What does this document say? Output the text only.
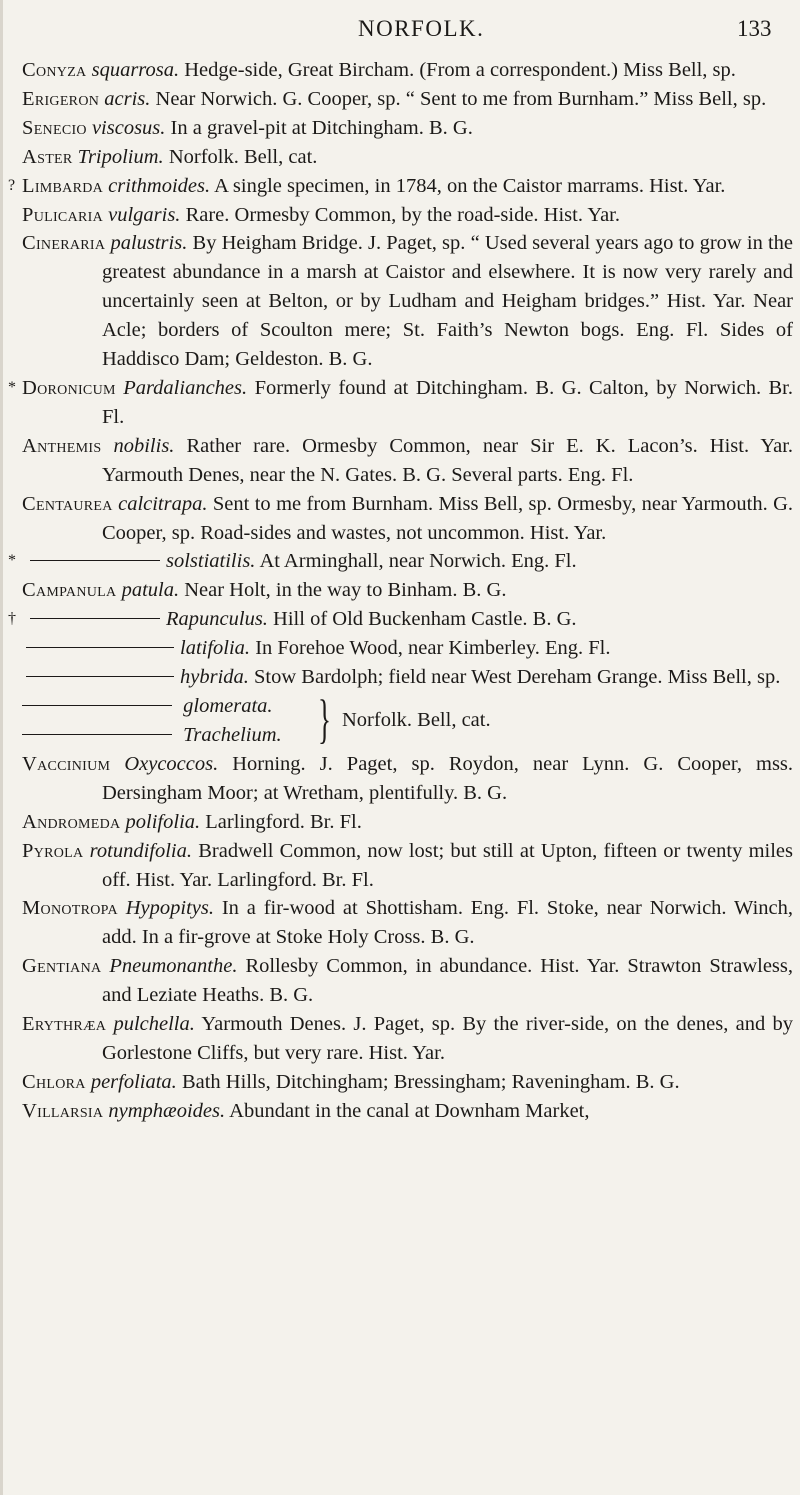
NORFOLK.	133
Conyza squarrosa. Hedge-side, Great Bircham. (From a correspondent.) Miss Bell, sp.
Erigeron acris. Near Norwich. G. Cooper, sp. “ Sent to me from Burnham.” Miss Bell, sp.
Senecio viscosus. In a gravel-pit at Ditchingham. B. G.
Aster Tripolium. Norfolk. Bell, cat.
? Limbarda crithmoides. A single specimen, in 1784, on the Caistor marrams. Hist. Yar.
Pulicaria vulgaris. Rare. Ormesby Common, by the road-side. Hist. Yar.
Cineraria palustris. By Heigham Bridge. J. Paget, sp. “ Used several years ago to grow in the greatest abundance in a marsh at Caistor and elsewhere. It is now very rarely and uncertainly seen at Belton, or by Ludham and Heigham bridges.” Hist. Yar. Near Acle; borders of Scoulton mere; St. Faith’s Newton bogs. Eng. Fl. Sides of Haddisco Dam; Geldeston. B. G.
* Doronicum Pardalianches. Formerly found at Ditchingham. B. G. Calton, by Norwich. Br. Fl.
Anthemis nobilis. Rather rare. Ormesby Common, near Sir E. K. Lacon’s. Hist. Yar. Yarmouth Denes, near the N. Gates. B. G. Several parts. Eng. Fl.
Centaurea calcitrapa. Sent to me from Burnham. Miss Bell, sp. Ormesby, near Yarmouth. G. Cooper, sp. Road-sides and wastes, not uncommon. Hist. Yar.
*	solstiatilis. At Arminghall, near Norwich. Eng. Fl.
Campanula patula. Near Holt, in the way to Binham. B. G.
†	Rapunculus. Hill of Old Buckenham Castle. B. G.
latifolia. In Forehoe Wood, near Kimberley. Eng. Fl.
hybrida. Stow Bardolph; field near West Dereham Grange. Miss Bell, sp.
glomerata.
Trachelium. } Norfolk. Bell, cat.
Vaccinium Oxycoccos. Horning. J. Paget, sp. Roydon, near Lynn. G. Cooper, mss. Dersingham Moor; at Wretham, plentifully. B. G.
Andromeda polifolia. Larlingford. Br. Fl.
Pyrola rotundifolia. Bradwell Common, now lost; but still at Upton, fifteen or twenty miles off. Hist. Yar. Larlingford. Br. Fl.
Monotropa Hypopitys. In a fir-wood at Shottisham. Eng. Fl. Stoke, near Norwich. Winch, add. In a fir-grove at Stoke Holy Cross. B. G.
Gentiana Pneumonanthe. Rollesby Common, in abundance. Hist. Yar. Strawton Strawless, and Leziate Heaths. B. G.
Erythræa pulchella. Yarmouth Denes. J. Paget, sp. By the river-side, on the denes, and by Gorlestone Cliffs, but very rare. Hist. Yar.
Chlora perfoliata. Bath Hills, Ditchingham; Bressingham; Raveningham. B. G.
Villarsia nymphæoides. Abundant in the canal at Downham Market,
